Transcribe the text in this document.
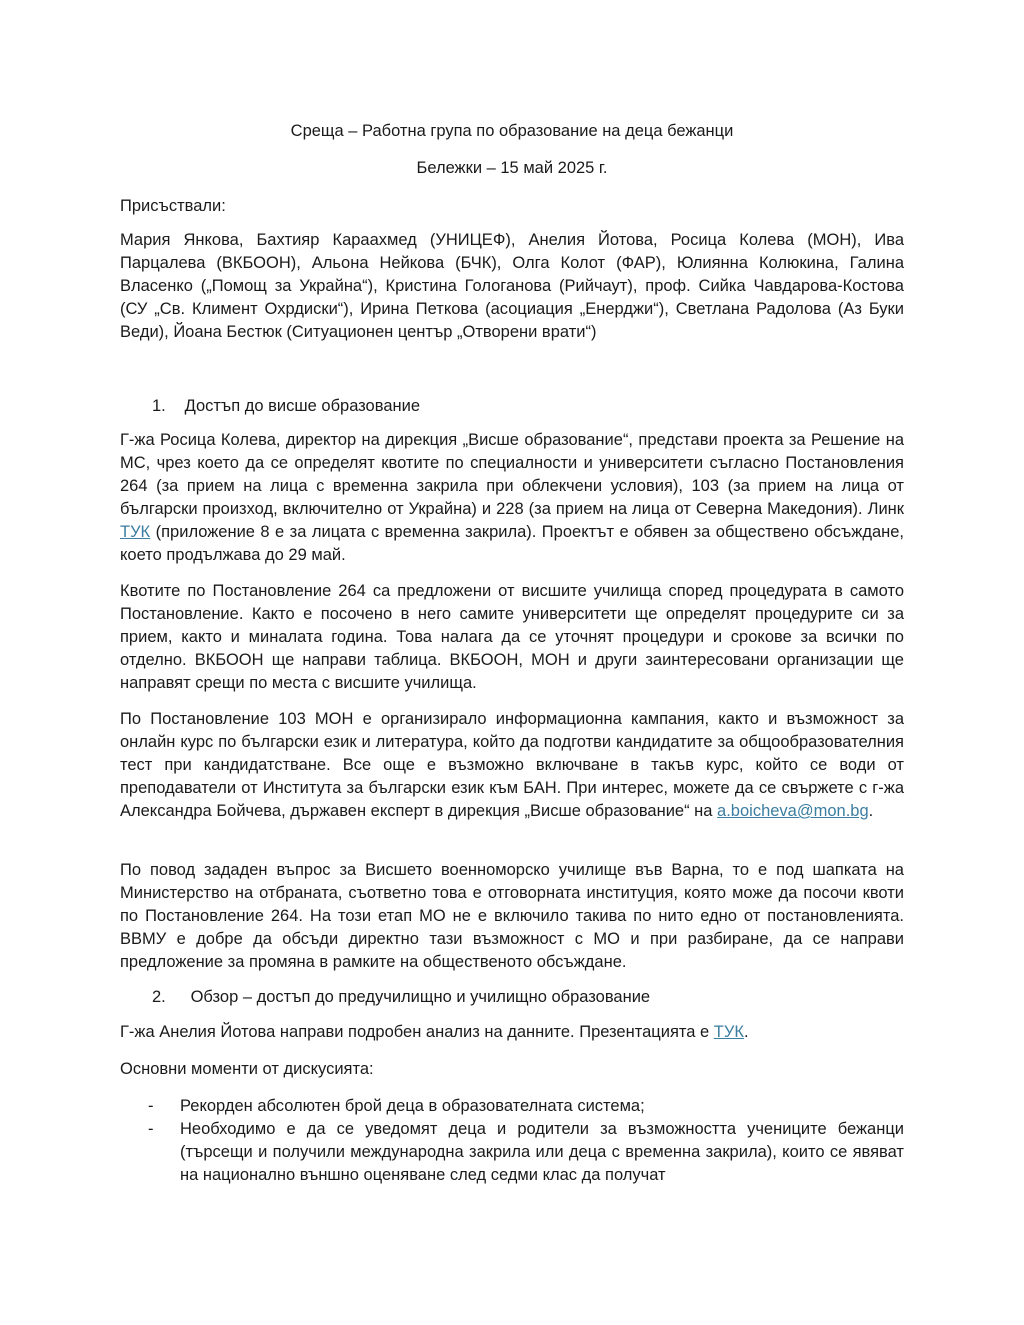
Среща – Работна група по образование на деца бежанци
Бележки – 15 май 2025 г.
Присъствали:
Мария Янкова, Бахтияр Караахмед (УНИЦЕФ), Анелия Йотова, Росица Колева (МОН), Ива Парцалева (ВКБООН), Альона Нейкова (БЧК), Олга Колот (ФАР), Юлиянна Колюкина, Галина Власенко („Помощ за Украйна“), Кристина Гологанова (Рийчаут), проф. Сийка Чавдарова-Костова (СУ „Св. Климент Охрдиски“), Ирина Петкова (асоциация „Енерджи“), Светлана Радолова (Аз Буки Веди), Йоана Бестюк (Ситуационен център „Отворени врати“)
1. Достъп до висше образование
Г-жа Росица Колева, директор на дирекция „Висше образование“, представи проекта за Решение на МС, чрез което да се определят квотите по специалности и университети съгласно Постановления 264 (за прием на лица с временна закрила при облекчени условия), 103 (за прием на лица от български произход, включително от Украйна) и 228 (за прием на лица от Северна Македония). Линк ТУК (приложение 8 е за лицата с временна закрила). Проектът е обявен за обществено обсъждане, което продължава до 29 май.
Квотите по Постановление 264 са предложени от висшите училища според процедурата в самото Постановление. Както е посочено в него самите университети ще определят процедурите си за прием, както и миналата година. Това налага да се уточнят процедури и срокове за всички по отделно. ВКБООН ще направи таблица. ВКБООН, МОН и други заинтересовани организации ще направят срещи по места с висшите училища.
По Постановление 103 МОН е организирало информационна кампания, както и възможност за онлайн курс по български език и литература, който да подготви кандидатите за общообразователния тест при кандидатстване. Все още е възможно включване в такъв курс, който се води от преподаватели от Института за български език към БАН. При интерес, можете да се свържете с г-жа Александра Бойчева, държавен експерт в дирекция „Висше образование“ на a.boicheva@mon.bg.
По повод зададен въпрос за Висшето военноморско училище във Варна, то е под шапката на Министерство на отбраната, съответно това е отговорната институция, която може да посочи квоти по Постановление 264. На този етап МО не е включило такива по нито едно от постановленията. ВВМУ е добре да обсъди директно тази възможност с МО и при разбиране, да се направи предложение за промяна в рамките на общественото обсъждане.
2. Обзор – достъп до предучилищно и училищно образование
Г-жа Анелия Йотова направи подробен анализ на данните. Презентацията е ТУК.
Основни моменти от дискусията:
- Рекорден абсолютен брой деца в образователната система;
- Необходимо е да се уведомят деца и родители за възможността учениците бежанци (търсещи и получили международна закрила или деца с временна закрила), които се явяват на национално външно оценяване след седми клас да получат
